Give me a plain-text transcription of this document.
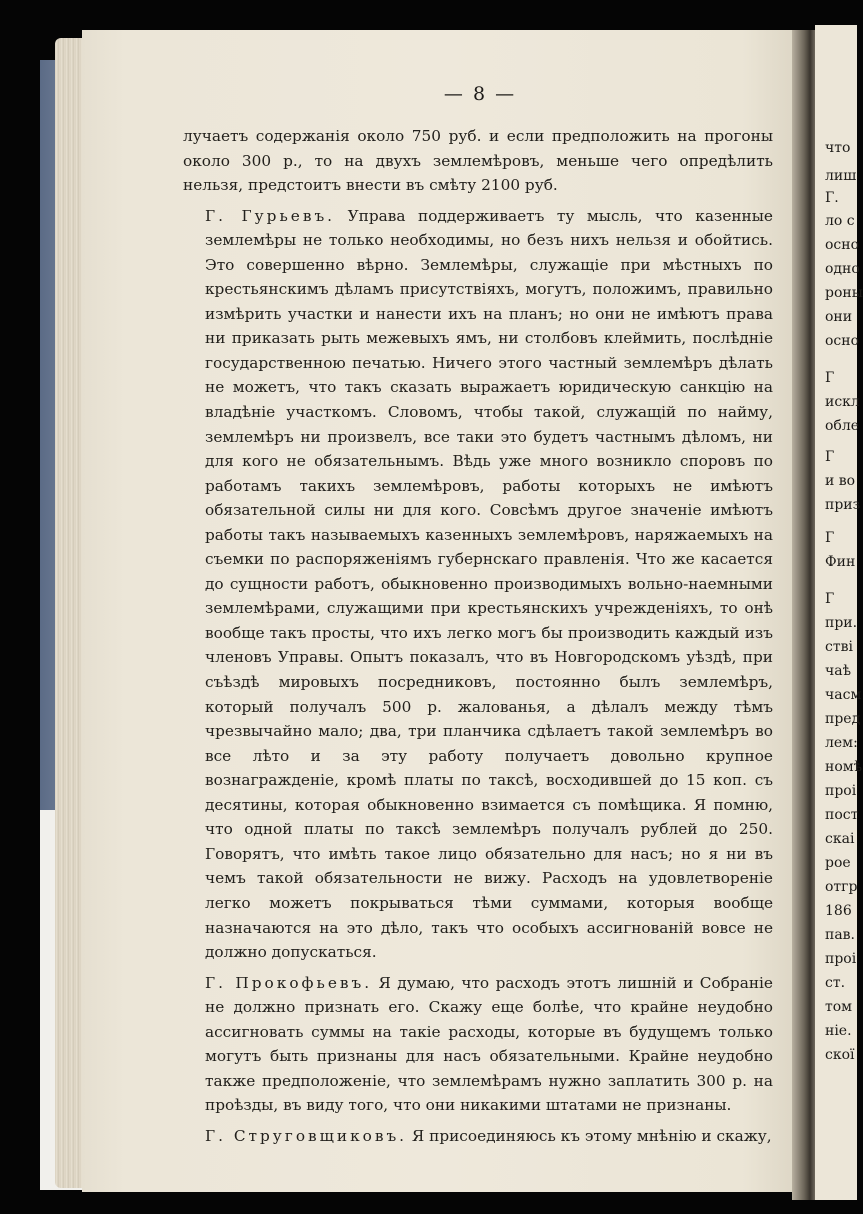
что
лиш
Г.
ло с
осно
одно
роны
они
осно
Г
искл
обле
Г
и во
приз
Г
Фин
Г
при.
стві
чаѣ
часм
пред
лем:
номѣ
проі
пост
скаі
рое
отгр
186
пав.
проі
ст.
том
ніе.
скої
— 8 —

лучаетъ содержанія около 750 руб. и если предположить на прогоны около 300 р., то на двухъ землемѣровъ, меньше чего опредѣлить нельзя, предстоитъ внести въ смѣту 2100 руб.

Г. Гурьевъ. Управа поддерживаетъ ту мысль, что казенные землемѣры не только необходимы, но безъ нихъ нельзя и обойтись. Это совершенно вѣрно. Землемѣры, служащіе при мѣстныхъ по крестьянскимъ дѣламъ присутствіяхъ, могутъ, положимъ, правильно измѣрить участки и нанести ихъ на планъ; но они не имѣютъ права ни приказать рыть межевыхъ ямъ, ни столбовъ клеймить, послѣдніе государственною печатью. Ничего этого частный землемѣръ дѣлать не можетъ, что такъ сказать выражаетъ юридическую санкцію на владѣніе участкомъ. Словомъ, чтобы такой, служащій по найму, землемѣръ ни произвелъ, все таки это будетъ частнымъ дѣломъ, ни для кого не обязательнымъ. Вѣдь уже много возникло споровъ по работамъ такихъ землемѣровъ, работы которыхъ не имѣютъ обязательной силы ни для кого. Совсѣмъ другое значеніе имѣютъ работы такъ называемыхъ казенныхъ землемѣровъ, наряжаемыхъ на съемки по распоряженіямъ губернскаго правленія. Что же касается до сущности работъ, обыкновенно производимыхъ вольно-наемными землемѣрами, служащими при крестьянскихъ учрежденіяхъ, то онѣ вообще такъ просты, что ихъ легко могъ бы производить каждый изъ членовъ Управы. Опытъ показалъ, что въ Новгородскомъ уѣздѣ, при съѣздѣ мировыхъ посредниковъ, постоянно былъ землемѣръ, который получалъ 500 р. жалованья, а дѣлалъ между тѣмъ чрезвычайно мало; два, три планчика сдѣлаетъ такой землемѣръ во все лѣто и за эту работу получаетъ довольно крупное вознагражденіе, кромѣ платы по таксѣ, восходившей до 15 коп. съ десятины, которая обыкновенно взимается съ помѣщика. Я помню, что одной платы по таксѣ землемѣръ получалъ рублей до 250. Говорятъ, что имѣть такое лицо обязательно для насъ; но я ни въ чемъ такой обязательности не вижу. Расходъ на удовлетвореніе легко можетъ покрываться тѣми суммами, которыя вообще назначаются на это дѣло, такъ что особыхъ ассигнованій вовсе не должно допускаться.

Г. Прокофьевъ. Я думаю, что расходъ этотъ лишній и Собраніе не должно признать его. Скажу еще болѣе, что крайне неудобно ассигновать суммы на такіе расходы, которые въ будущемъ только могутъ быть признаны для насъ обязательными. Крайне неудобно также предположеніе, что землемѣрамъ нужно заплатить 300 р. на проѣзды, въ виду того, что они никакими штатами не признаны.

Г. Струговщиковъ. Я присоединяюсь къ этому мнѣнію и скажу,
